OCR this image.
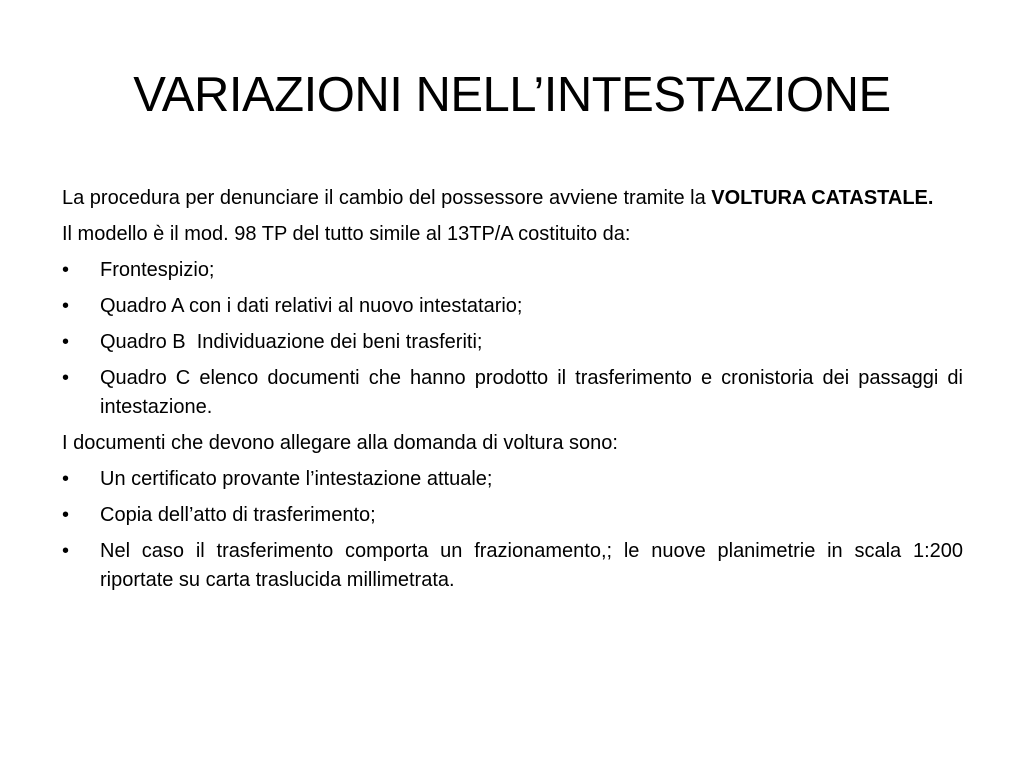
VARIAZIONI NELL’INTESTAZIONE

La procedura per denunciare il cambio del possessore avviene tramite la VOLTURA CATASTALE.

Il modello è il mod. 98 TP del tutto simile al 13TP/A costituito da:

•	Frontespizio;
•	Quadro A con i dati relativi al nuovo intestatario;
•	Quadro B  Individuazione dei beni trasferiti;
•	Quadro C elenco documenti che hanno prodotto il trasferimento e cronistoria dei passaggi di intestazione.

I documenti che devono allegare alla domanda di voltura sono:

•	Un certificato provante l’intestazione attuale;
•	Copia dell’atto di trasferimento;
•	Nel caso il trasferimento comporta un frazionamento,; le nuove planimetrie in scala 1:200 riportate su carta traslucida millimetrata.
